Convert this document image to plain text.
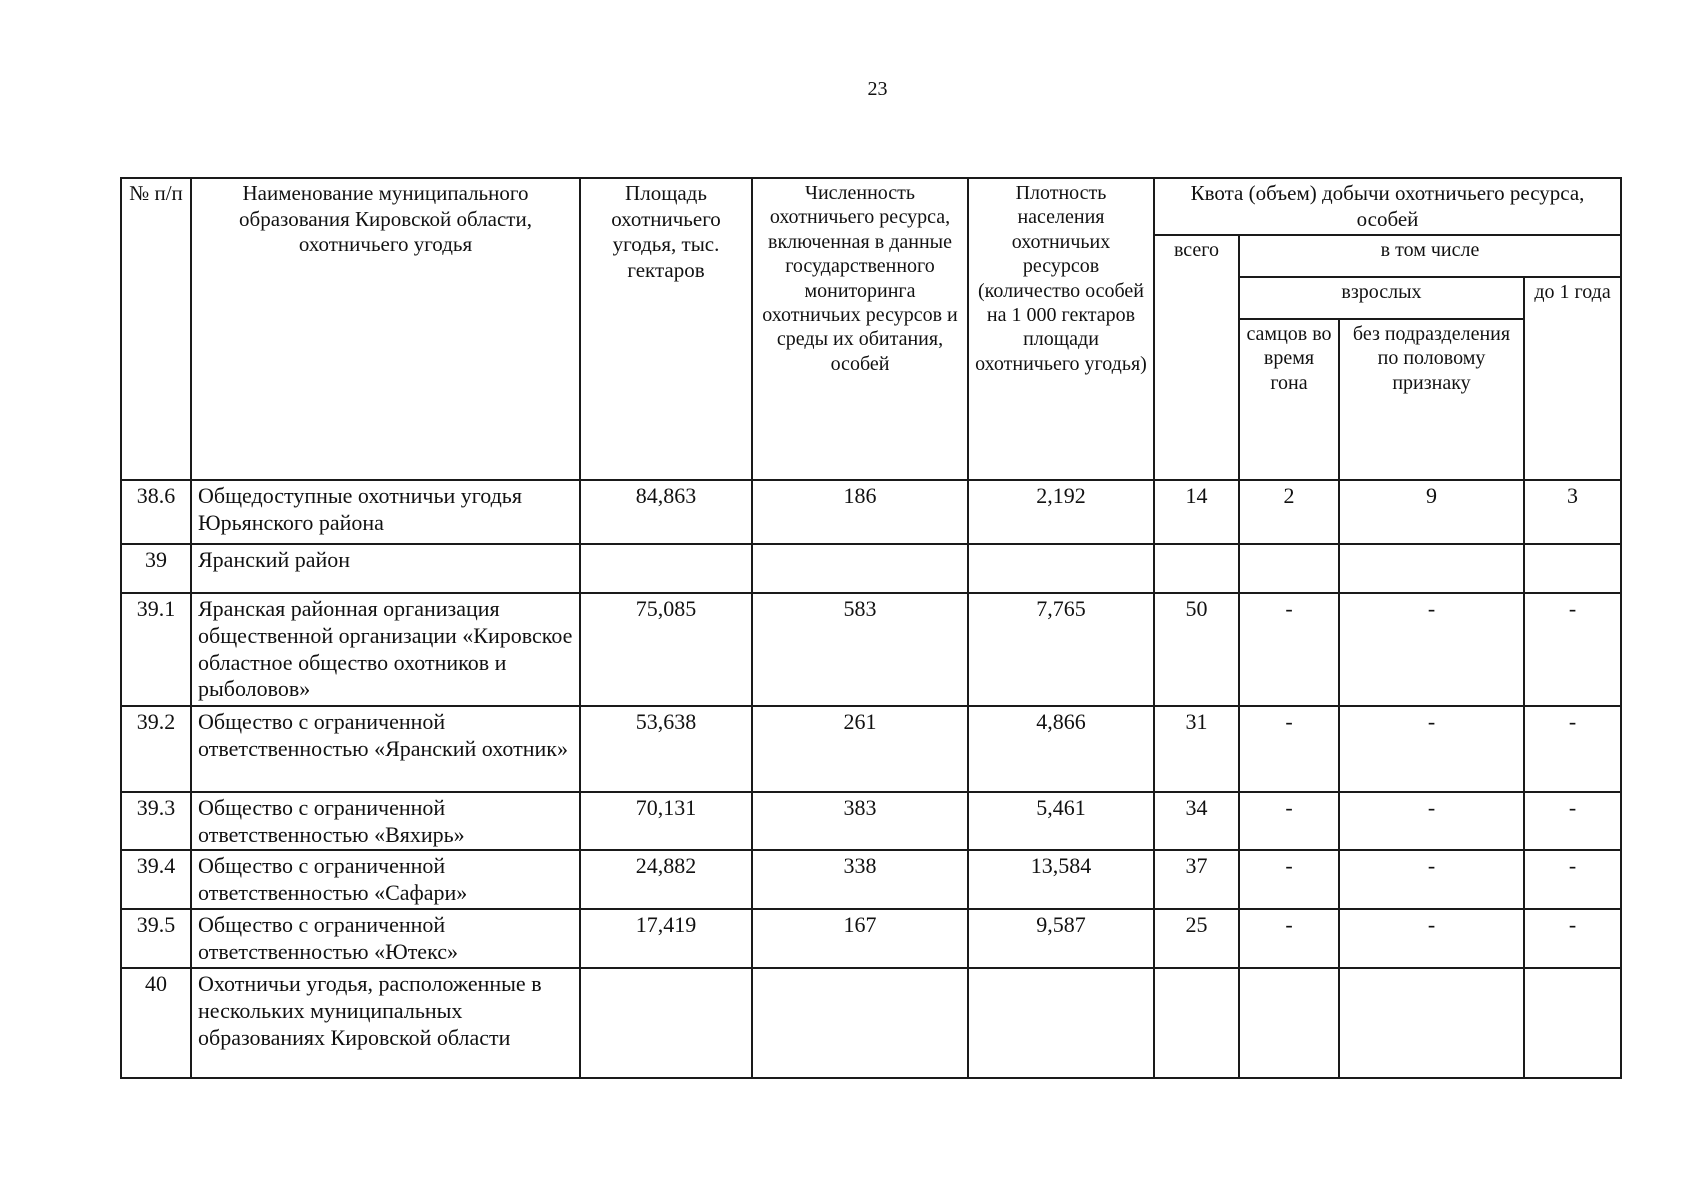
23
№ п/п	Наименование муниципального образования Кировской области, охотничьего угодья	Площадь охотничьего угодья, тыс. гектаров	Численность охотничьего ресурса, включенная в данные государственного мониторинга охотничьих ресурсов и среды их обитания, особей	Плотность населения охотничьих ресурсов (количество особей на 1 000 гектаров площади охотничьего угодья)	Квота (объем) добычи охотничьего ресурса, особей			
					всего	в том числе		
						взрослых		до 1 года
						самцов во время гона	без подразделения по половому признаку	
38.6	Общедоступные охотничьи угодья Юрьянского района	84,863	186	2,192	14	2	9	3
39	Яранский район							
39.1	Яранская районная организация общественной организации «Кировское областное общество охотников и рыболовов»	75,085	583	7,765	50	-	-	-
39.2	Общество с ограниченной ответственностью «Яранский охотник»	53,638	261	4,866	31	-	-	-
39.3	Общество с ограниченной ответственностью «Вяхирь»	70,131	383	5,461	34	-	-	-
39.4	Общество с ограниченной ответственностью «Сафари»	24,882	338	13,584	37	-	-	-
39.5	Общество с ограниченной ответственностью «Ютекс»	17,419	167	9,587	25	-	-	-
40	Охотничьи угодья, расположенные в нескольких муниципальных образованиях Кировской области							
